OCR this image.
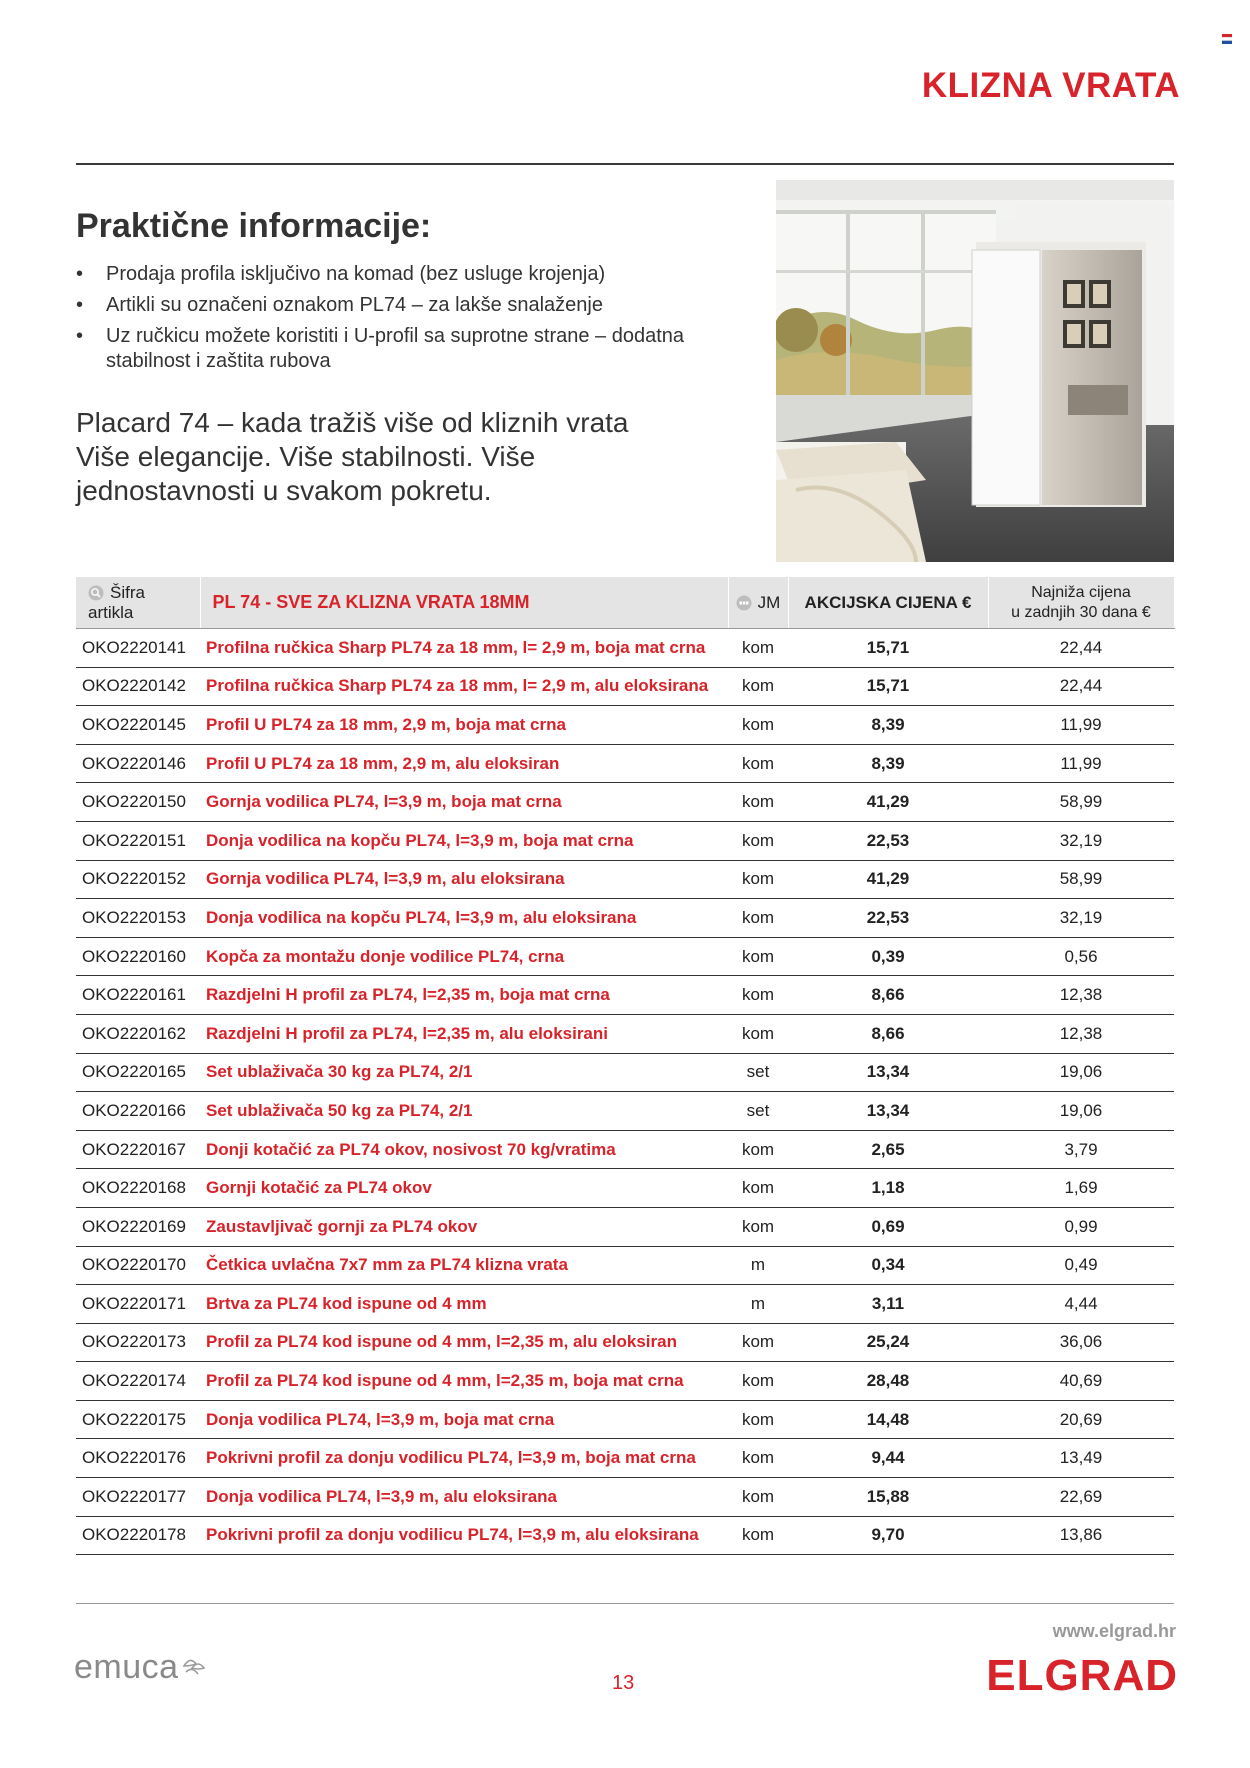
KLIZNA VRATA
Praktične informacije:
• Prodaja profila isključivo na komad (bez usluge krojenja)
• Artikli su označeni oznakom PL74 – za lakše snalaženje
• Uz ručkicu možete koristiti i U-profil sa suprotne strane – dodatna stabilnost i zaštita rubova
Placard 74 – kada tražiš više od kliznih vrata
Više elegancije. Više stabilnosti. Više
jednostavnosti u svakom pokretu.
Šifra artikla	PL 74 - SVE ZA KLIZNA VRATA 18MM	JM	AKCIJSKA CIJENA €	Najniža cijena
u zadnjih 30 dana €

OKO2220141	Profilna ručkica Sharp PL74 za 18 mm, l= 2,9 m, boja mat crna	kom	15,71	22,44
OKO2220142	Profilna ručkica Sharp PL74 za 18 mm, l= 2,9 m, alu eloksirana	kom	15,71	22,44
OKO2220145	Profil U PL74 za 18 mm, 2,9 m, boja mat crna	kom	8,39	11,99
OKO2220146	Profil U PL74 za 18 mm, 2,9 m, alu eloksiran	kom	8,39	11,99
OKO2220150	Gornja vodilica PL74, l=3,9 m, boja mat crna	kom	41,29	58,99
OKO2220151	Donja vodilica na kopču PL74, l=3,9 m, boja mat crna	kom	22,53	32,19
OKO2220152	Gornja vodilica PL74, l=3,9 m, alu eloksirana	kom	41,29	58,99
OKO2220153	Donja vodilica na kopču PL74, l=3,9 m, alu eloksirana	kom	22,53	32,19
OKO2220160	Kopča za montažu donje vodilice PL74, crna	kom	0,39	0,56
OKO2220161	Razdjelni H profil za PL74, l=2,35 m, boja mat crna	kom	8,66	12,38
OKO2220162	Razdjelni H profil za PL74, l=2,35 m, alu eloksirani	kom	8,66	12,38
OKO2220165	Set ublaživača 30 kg za PL74, 2/1	set	13,34	19,06
OKO2220166	Set ublaživača 50 kg za PL74, 2/1	set	13,34	19,06
OKO2220167	Donji kotačić za PL74 okov, nosivost 70 kg/vratima	kom	2,65	3,79
OKO2220168	Gornji kotačić za PL74 okov	kom	1,18	1,69
OKO2220169	Zaustavljivač gornji za PL74 okov	kom	0,69	0,99
OKO2220170	Četkica uvlačna 7x7 mm za PL74 klizna vrata	m	0,34	0,49
OKO2220171	Brtva za PL74 kod ispune od 4 mm	m	3,11	4,44
OKO2220173	Profil za PL74 kod ispune od 4 mm, l=2,35 m, alu eloksiran	kom	25,24	36,06
OKO2220174	Profil za PL74 kod ispune od 4 mm, l=2,35 m, boja mat crna	kom	28,48	40,69
OKO2220175	Donja vodilica PL74, l=3,9 m, boja mat crna	kom	14,48	20,69
OKO2220176	Pokrivni profil za donju vodilicu PL74, l=3,9 m, boja mat crna	kom	9,44	13,49
OKO2220177	Donja vodilica PL74, l=3,9 m, alu eloksirana	kom	15,88	22,69
OKO2220178	Pokrivni profil za donju vodilicu PL74, l=3,9 m, alu eloksirana	kom	9,70	13,86
emuca	13
www.elgrad.hr
ELGRAD
